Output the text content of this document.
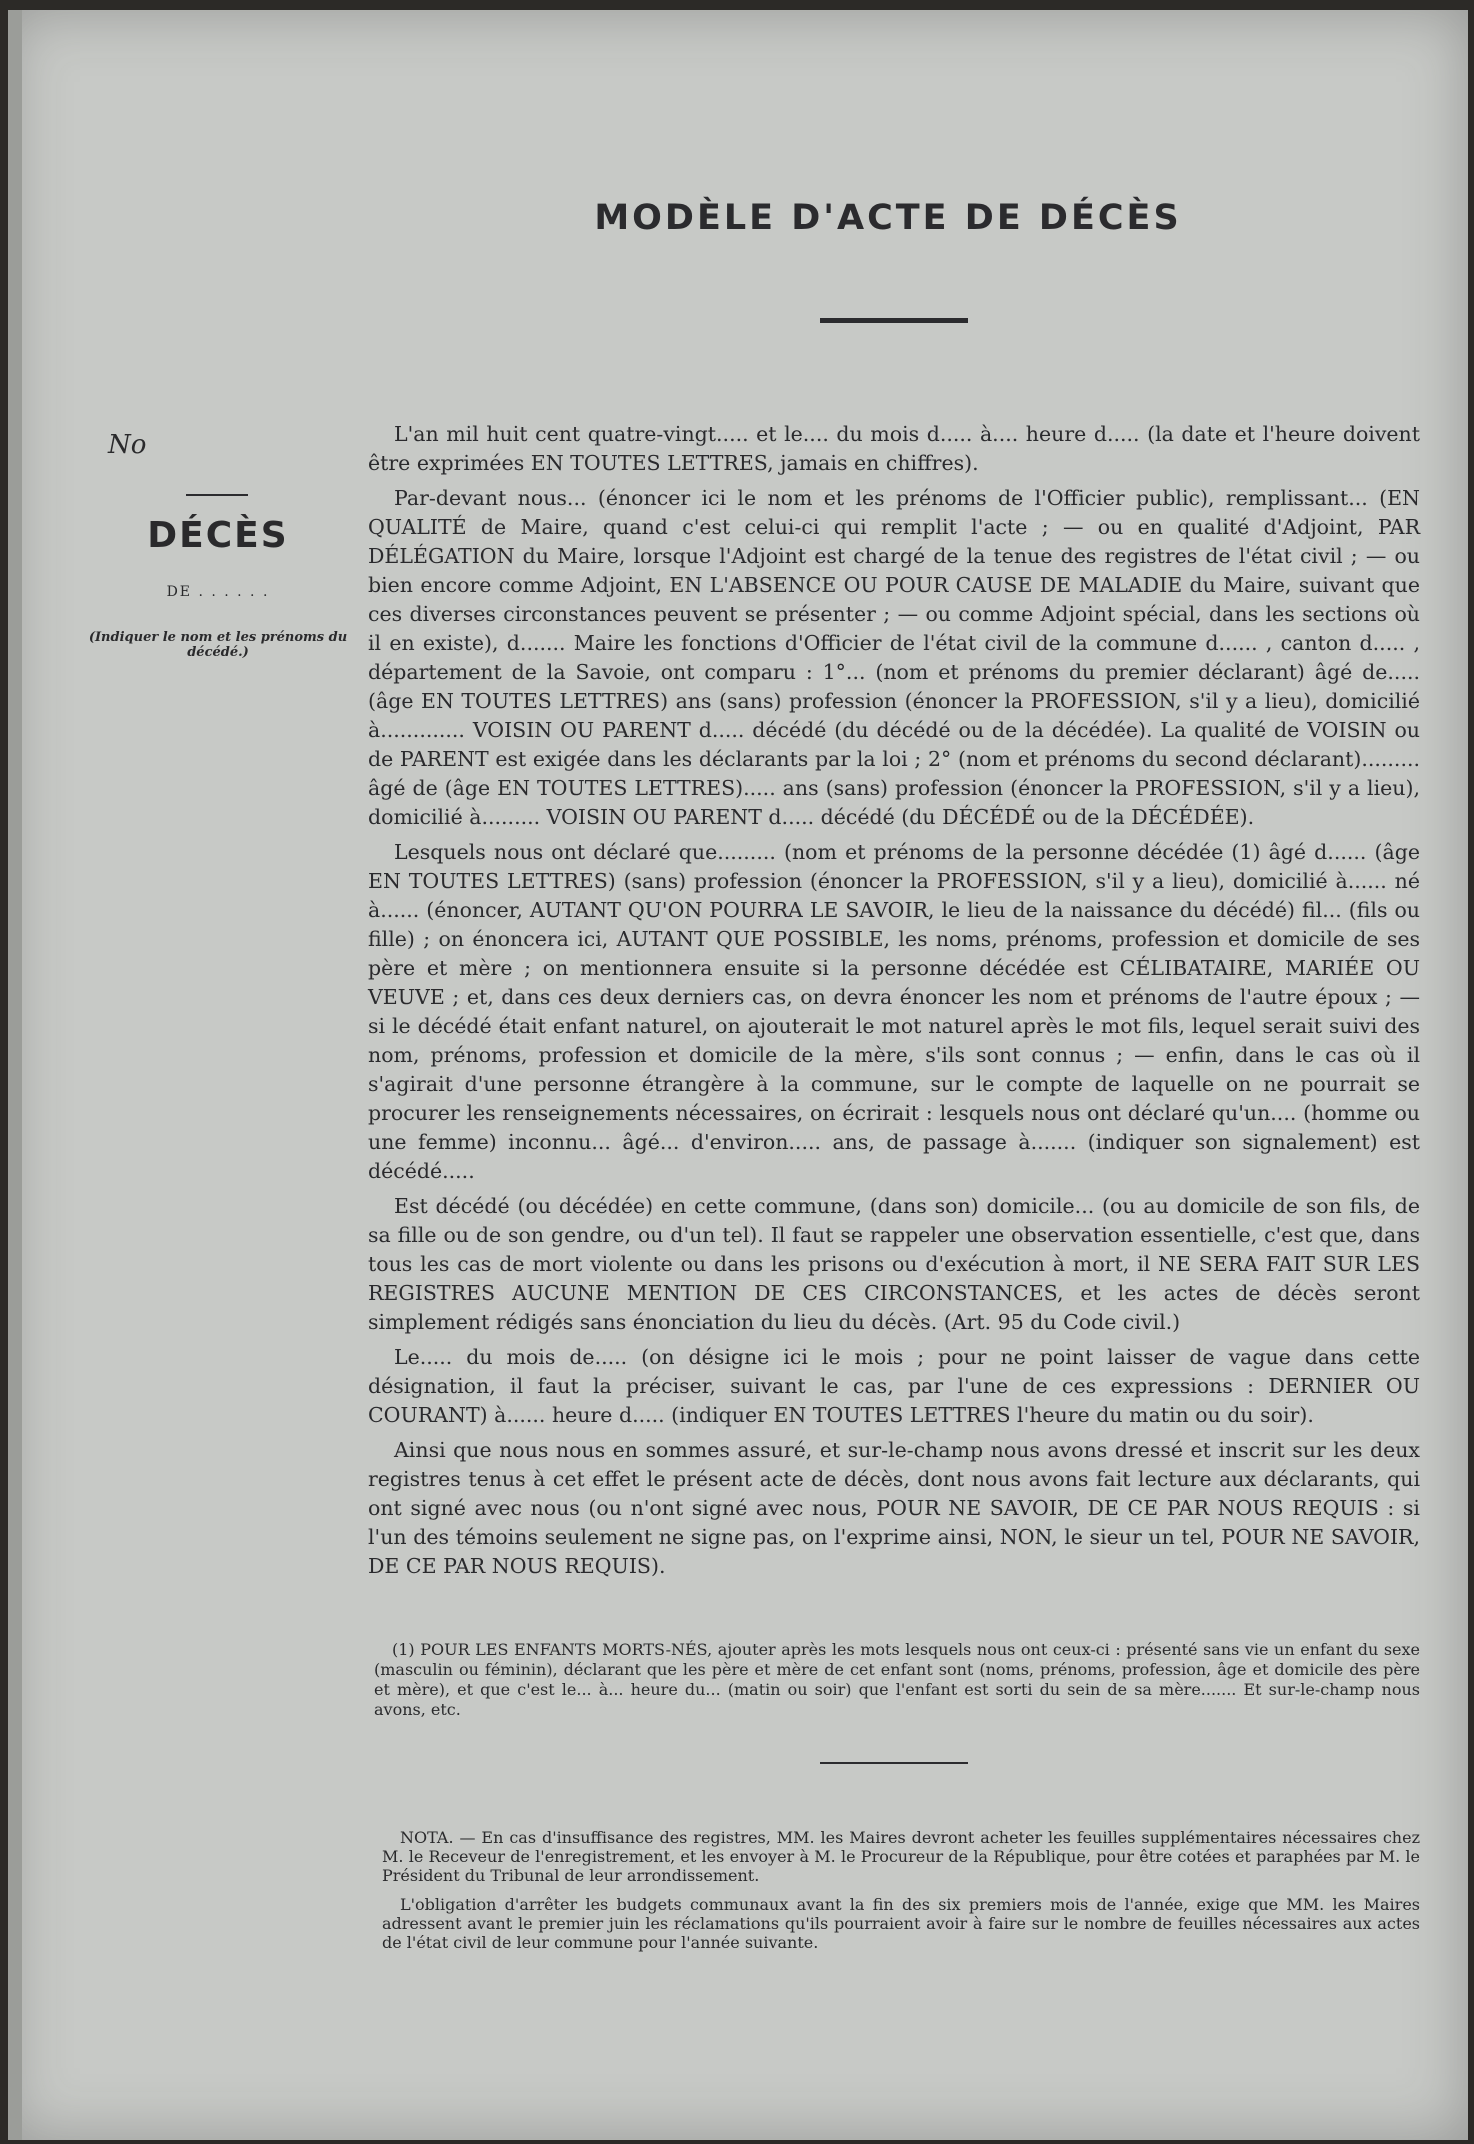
MODÈLE D'ACTE DE DÉCÈS
No
DÉCÈS
DE . . . . . .
(Indiquer le nom et les prénoms du décédé.)

L'an mil huit cent quatre-vingt..... et le.... du mois d..... à.... heure d..... (la date et l'heure doivent être exprimées EN TOUTES LETTRES, jamais en chiffres).

Par-devant nous... (énoncer ici le nom et les prénoms de l'Officier public), remplissant... (EN QUALITÉ de Maire, quand c'est celui-ci qui remplit l'acte ; — ou en qualité d'Adjoint, PAR DÉLÉGATION du Maire, lorsque l'Adjoint est chargé de la tenue des registres de l'état civil ; — ou bien encore comme Adjoint, EN L'ABSENCE OU POUR CAUSE DE MALADIE du Maire, suivant que ces diverses circonstances peuvent se présenter ; — ou comme Adjoint spécial, dans les sections où il en existe), d....... Maire les fonctions d'Officier de l'état civil de la commune d...... , canton d..... , département de la Savoie, ont comparu : 1°... (nom et prénoms du premier déclarant) âgé de..... (âge EN TOUTES LETTRES) ans (sans) profession (énoncer la PROFESSION, s'il y a lieu), domicilié à............. VOISIN OU PARENT d..... décédé (du décédé ou de la décédée). La qualité de VOISIN ou de PARENT est exigée dans les déclarants par la loi ; 2° (nom et prénoms du second déclarant)......... âgé de (âge EN TOUTES LETTRES)..... ans (sans) profession (énoncer la PROFESSION, s'il y a lieu), domicilié à......... VOISIN OU PARENT d..... décédé (du DÉCÉDÉ ou de la DÉCÉDÉE).

Lesquels nous ont déclaré que......... (nom et prénoms de la personne décédée (1) âgé d...... (âge EN TOUTES LETTRES) (sans) profession (énoncer la PROFESSION, s'il y a lieu), domicilié à...... né à...... (énoncer, AUTANT QU'ON POURRA LE SAVOIR, le lieu de la naissance du décédé) fil... (fils ou fille) ; on énoncera ici, AUTANT QUE POSSIBLE, les noms, prénoms, profession et domicile de ses père et mère ; on mentionnera ensuite si la personne décédée est CÉLIBATAIRE, MARIÉE OU VEUVE ; et, dans ces deux derniers cas, on devra énoncer les nom et prénoms de l'autre époux ; — si le décédé était enfant naturel, on ajouterait le mot naturel après le mot fils, lequel serait suivi des nom, prénoms, profession et domicile de la mère, s'ils sont connus ; — enfin, dans le cas où il s'agirait d'une personne étrangère à la commune, sur le compte de laquelle on ne pourrait se procurer les renseignements nécessaires, on écrirait : lesquels nous ont déclaré qu'un.... (homme ou une femme) inconnu... âgé... d'environ..... ans, de passage à....... (indiquer son signalement) est décédé.....

Est décédé (ou décédée) en cette commune, (dans son) domicile... (ou au domicile de son fils, de sa fille ou de son gendre, ou d'un tel). Il faut se rappeler une observation essentielle, c'est que, dans tous les cas de mort violente ou dans les prisons ou d'exécution à mort, il NE SERA FAIT SUR LES REGISTRES AUCUNE MENTION DE CES CIRCONSTANCES, et les actes de décès seront simplement rédigés sans énonciation du lieu du décès. (Art. 95 du Code civil.)

Le..... du mois de..... (on désigne ici le mois ; pour ne point laisser de vague dans cette désignation, il faut la préciser, suivant le cas, par l'une de ces expressions : DERNIER OU COURANT) à...... heure d..... (indiquer EN TOUTES LETTRES l'heure du matin ou du soir).

Ainsi que nous nous en sommes assuré, et sur-le-champ nous avons dressé et inscrit sur les deux registres tenus à cet effet le présent acte de décès, dont nous avons fait lecture aux déclarants, qui ont signé avec nous (ou n'ont signé avec nous, POUR NE SAVOIR, DE CE PAR NOUS REQUIS : si l'un des témoins seulement ne signe pas, on l'exprime ainsi, NON, le sieur un tel, POUR NE SAVOIR, DE CE PAR NOUS REQUIS).

(1) POUR LES ENFANTS MORTS-NÉS, ajouter après les mots lesquels nous ont ceux-ci : présenté sans vie un enfant du sexe (masculin ou féminin), déclarant que les père et mère de cet enfant sont (noms, prénoms, profession, âge et domicile des père et mère), et que c'est le... à... heure du... (matin ou soir) que l'enfant est sorti du sein de sa mère....... Et sur-le-champ nous avons, etc.

NOTA. — En cas d'insuffisance des registres, MM. les Maires devront acheter les feuilles supplémentaires nécessaires chez M. le Receveur de l'enregistrement, et les envoyer à M. le Procureur de la République, pour être cotées et paraphées par M. le Président du Tribunal de leur arrondissement.

L'obligation d'arrêter les budgets communaux avant la fin des six premiers mois de l'année, exige que MM. les Maires adressent avant le premier juin les réclamations qu'ils pourraient avoir à faire sur le nombre de feuilles nécessaires aux actes de l'état civil de leur commune pour l'année suivante.
